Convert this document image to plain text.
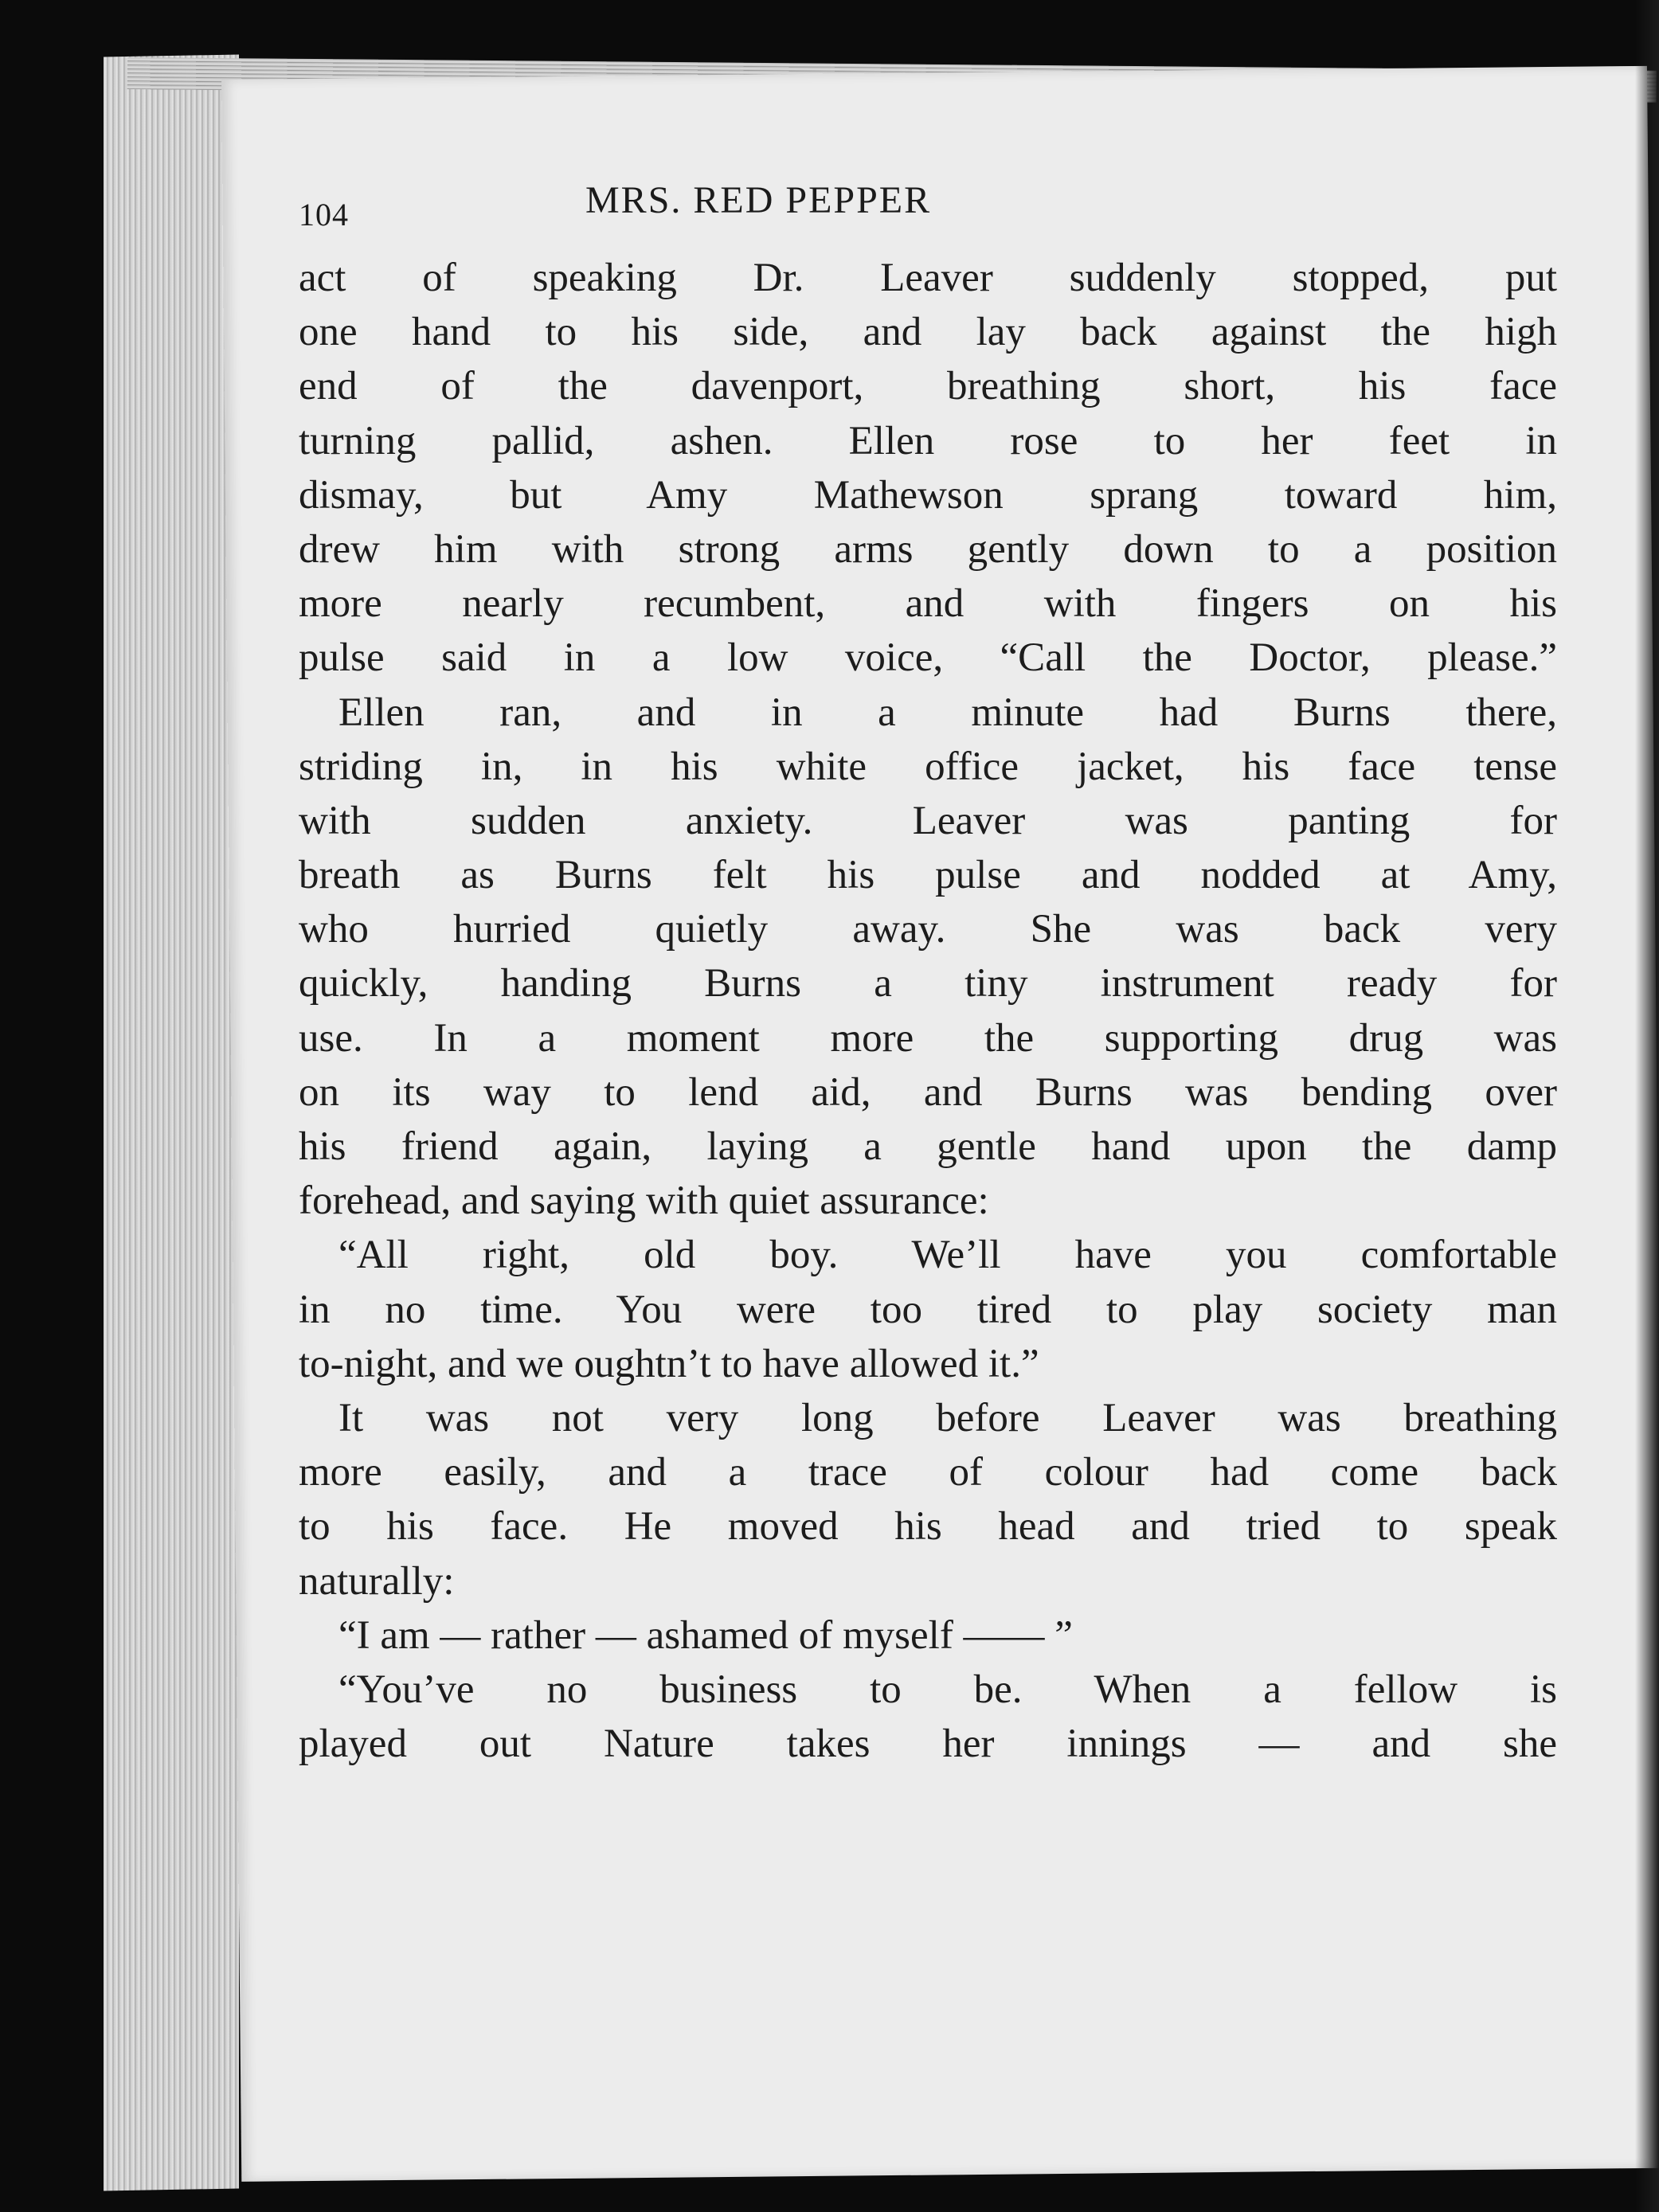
104	MRS. RED PEPPER
act of speaking Dr. Leaver suddenly stopped, put
one hand to his side, and lay back against the high
end of the davenport, breathing short, his face
turning pallid, ashen. Ellen rose to her feet in
dismay, but Amy Mathewson sprang toward him,
drew him with strong arms gently down to a position
more nearly recumbent, and with fingers on his
pulse said in a low voice, “Call the Doctor, please.”
Ellen ran, and in a minute had Burns there,
striding in, in his white office jacket, his face tense
with sudden anxiety. Leaver was panting for
breath as Burns felt his pulse and nodded at Amy,
who hurried quietly away. She was back very
quickly, handing Burns a tiny instrument ready for
use. In a moment more the supporting drug was
on its way to lend aid, and Burns was bending over
his friend again, laying a gentle hand upon the damp
forehead, and saying with quiet assurance:
“All right, old boy. We’ll have you comfortable
in no time. You were too tired to play society man
to-night, and we oughtn’t to have allowed it.”
It was not very long before Leaver was breathing
more easily, and a trace of colour had come back
to his face. He moved his head and tried to speak
naturally:
“I am — rather — ashamed of myself —— ”
“You’ve no business to be. When a fellow is
played out Nature takes her innings — and she
